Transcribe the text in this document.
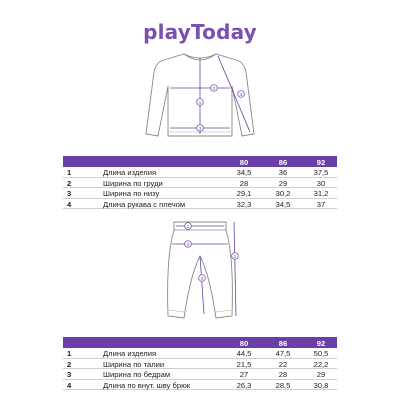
playToday
1
2
3
4
80	86	92
1	Длина изделия	34,5	36	37,5
2	Ширина по груди	28	29	30
3	Ширина по низу	29,1	30,2	31,2
4	Длина рукава с плечом	32,3	34,5	37
1
2
3
4
80	86	92
1	Длина изделия	44,5	47,5	50,5
2	Ширина по талии	21,5	22	22,2
3	Ширина по бедрам	27	28	29
4	Длина по внут. шву брюк	26,3	28,5	30,8
